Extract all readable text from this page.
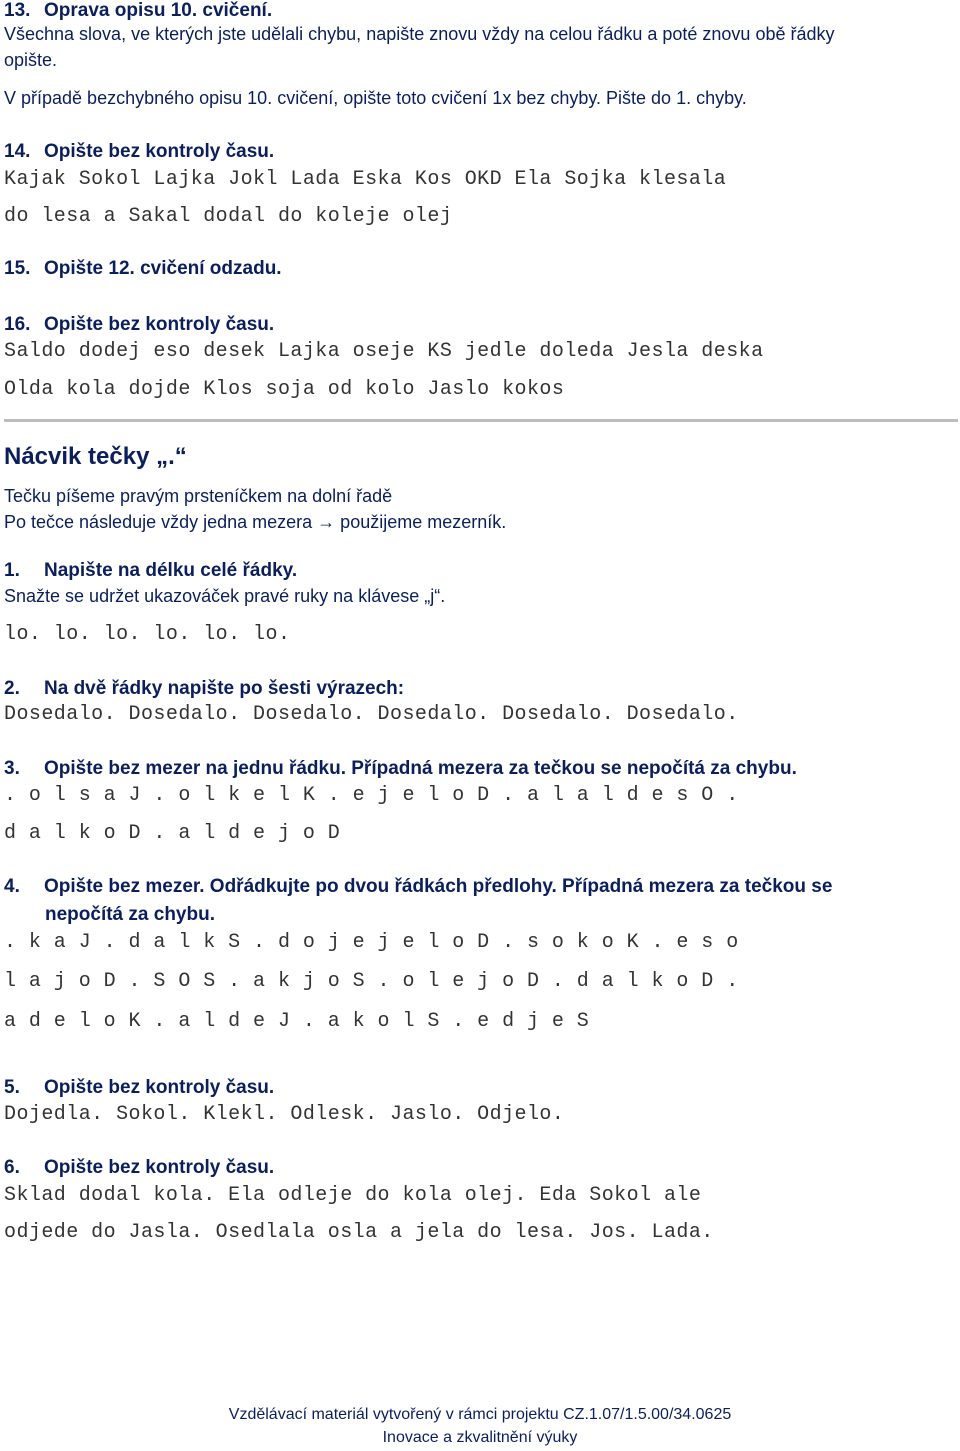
13. Oprava opisu 10. cvičení.
Všechna slova, ve kterých jste udělali chybu, napište znovu vždy na celou řádku a poté znovu obě řádky
opište.
V případě bezchybného opisu 10. cvičení, opište toto cvičení 1x bez chyby. Pište do 1. chyby.
14. Opište bez kontroly času.
Kajak Sokol Lajka Jokl Lada Eska Kos OKD Ela Sojka klesala
do lesa a Sakal dodal do koleje olej
15. Opište 12. cvičení odzadu.
16. Opište bez kontroly času.
Saldo dodej eso desek Lajka oseje KS jedle doleda Jesla deska
Olda kola dojde Klos soja od kolo Jaslo kokos
Nácvik tečky „.“
Tečku píšeme pravým prsteníčkem na dolní řadě
Po tečce následuje vždy jedna mezera → použijeme mezerník.
1. Napište na délku celé řádky.
Snažte se udržet ukazováček pravé ruky na klávese „j“.
lo. lo. lo. lo. lo. lo.
2. Na dvě řádky napište po šesti výrazech:
Dosedalo. Dosedalo. Dosedalo. Dosedalo. Dosedalo. Dosedalo.
3. Opište bez mezer na jednu řádku. Případná mezera za tečkou se nepočítá za chybu.
. o l s a J . o l k e l K . e j e l o D . a l a l d e s O .
d a l k o D . a l d e j o D
4. Opište bez mezer. Odřádkujte po dvou řádkách předlohy. Případná mezera za tečkou se
nepočítá za chybu.
. k a J . d a l k S . d o j e j e l o D . s o k o K . e s o
l a j o D . S O S . a k j o S . o l e j o D . d a l k o D .
a d e l o K . a l d e J . a k o l S . e d j e S
5. Opište bez kontroly času.
Dojedla. Sokol. Klekl. Odlesk. Jaslo. Odjelo.
6. Opište bez kontroly času.
Sklad dodal kola. Ela odleje do kola olej. Eda Sokol ale
odjede do Jasla. Osedlala osla a jela do lesa. Jos. Lada.
Vzdělávací materiál vytvořený v rámci projektu CZ.1.07/1.5.00/34.0625
Inovace a zkvalitnění výuky
